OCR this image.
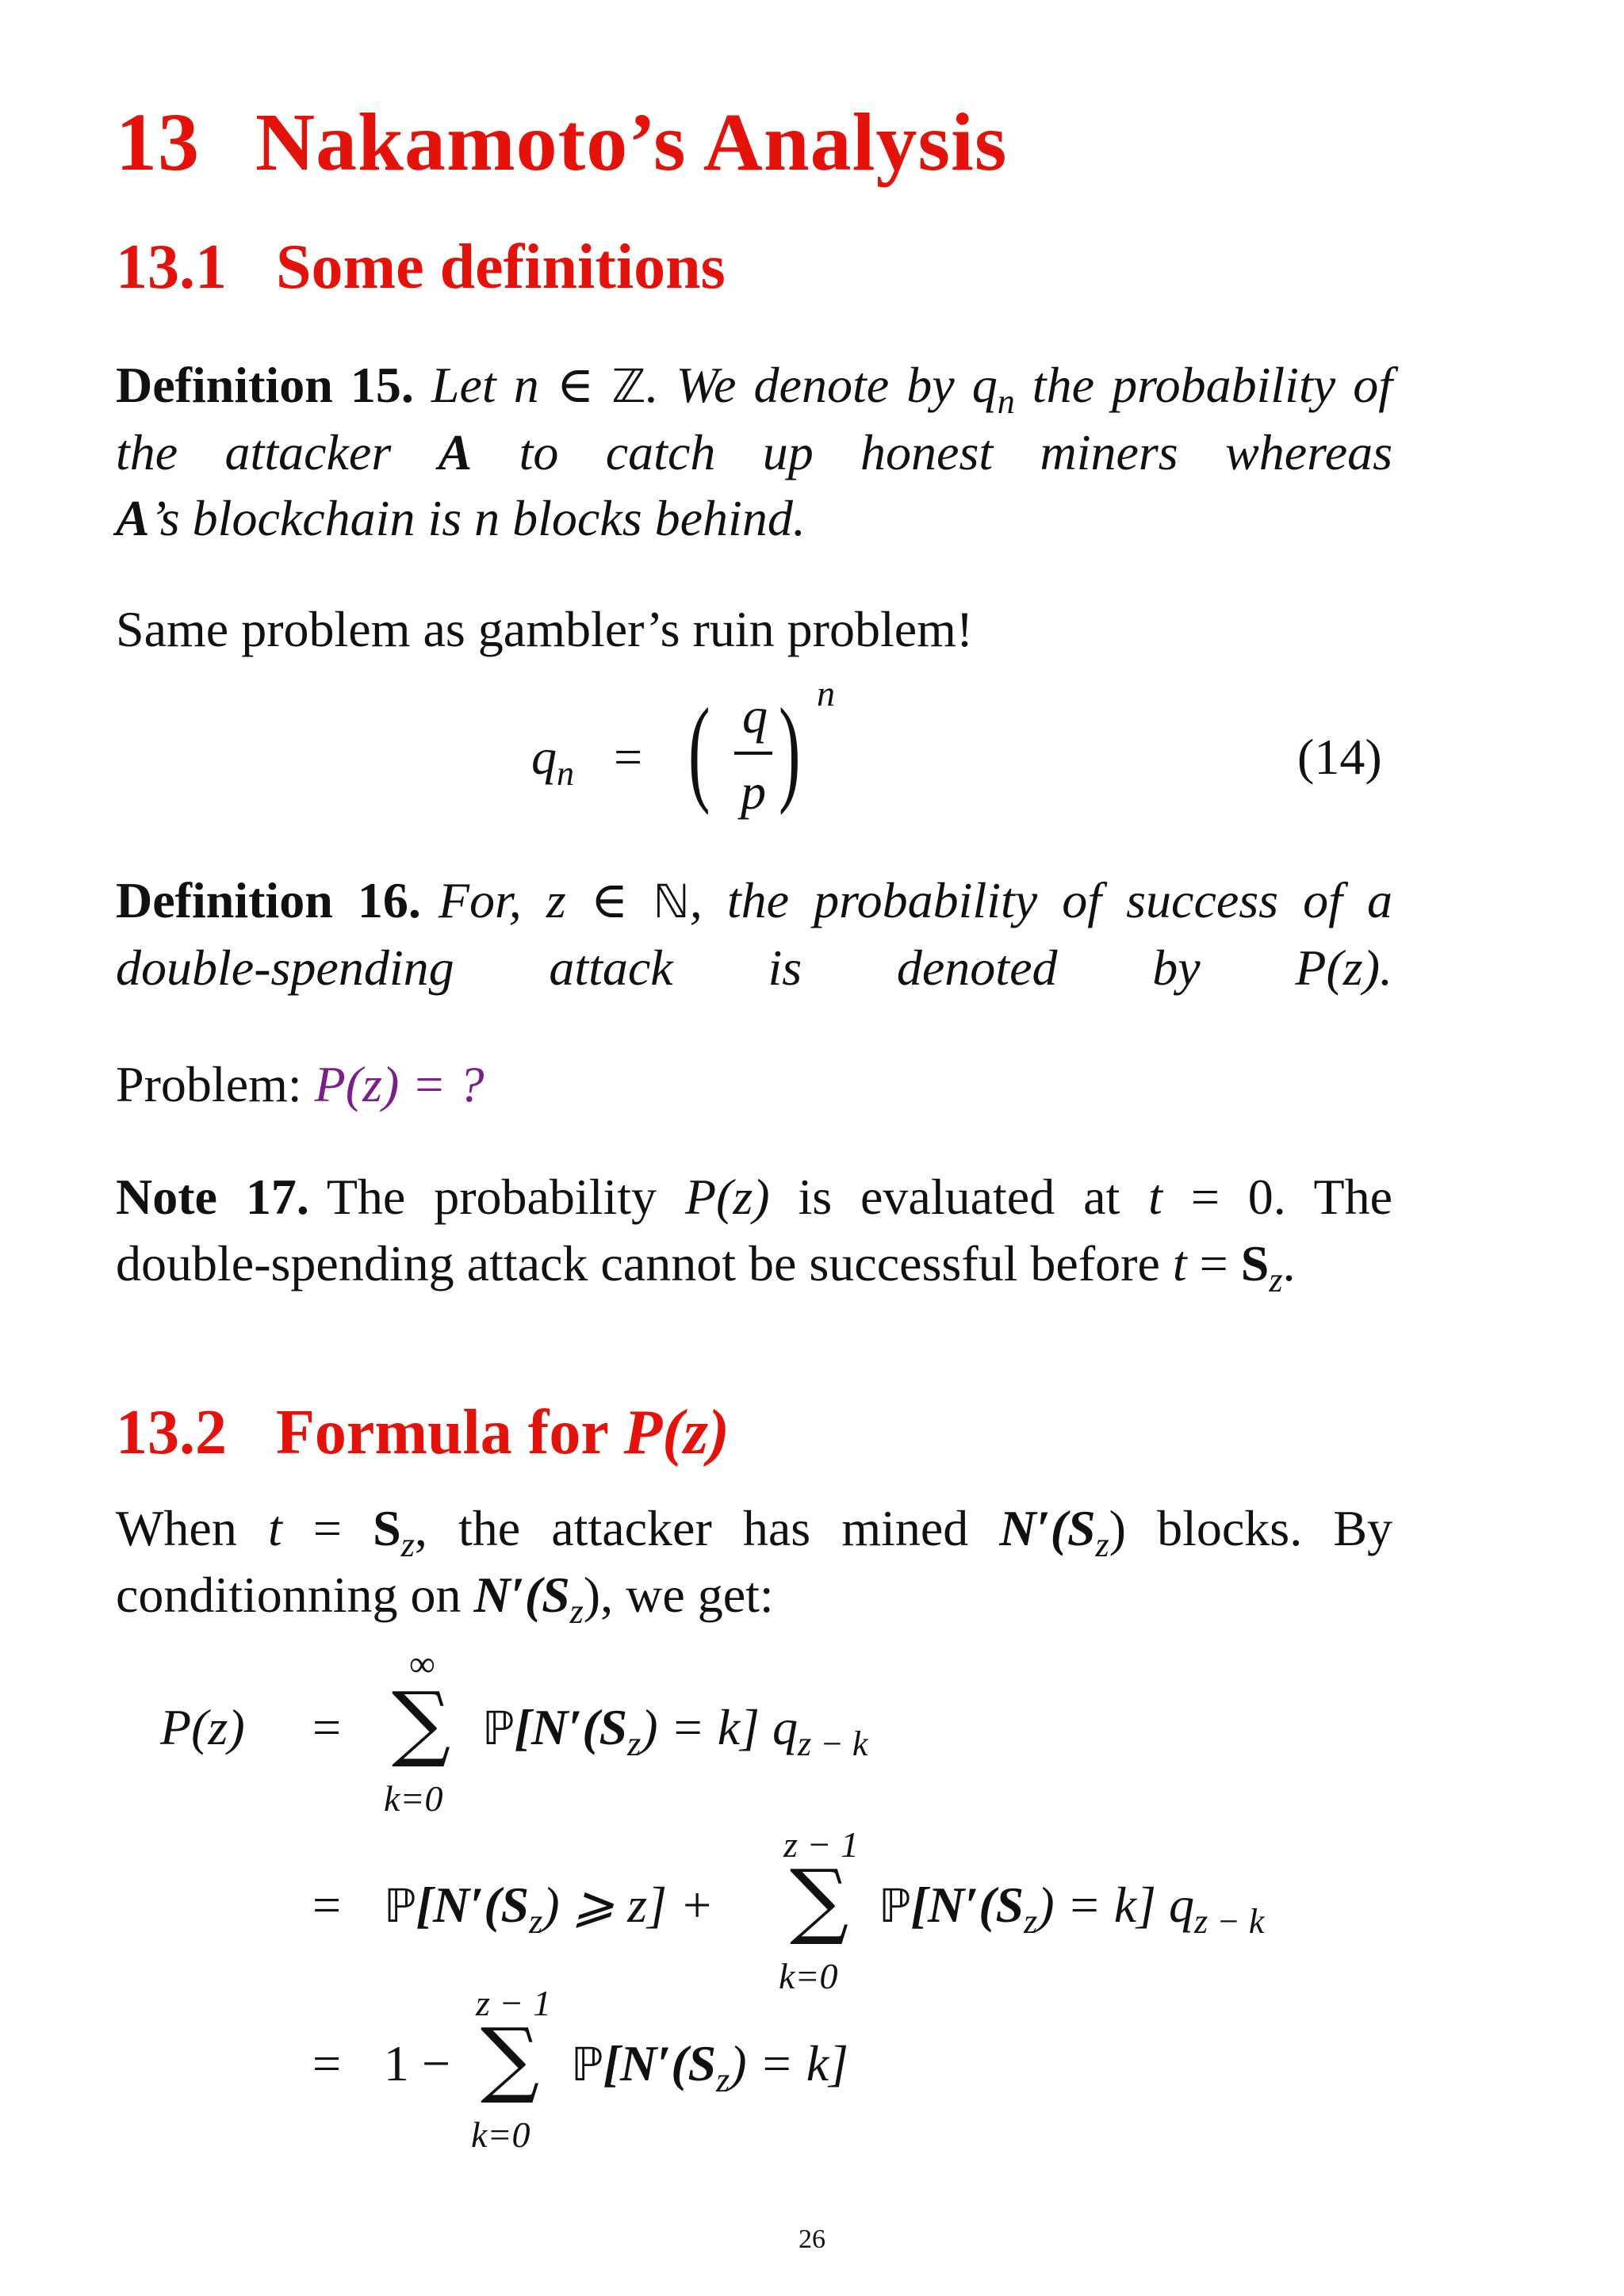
13 Nakamoto’s Analysis
13.1 Some definitions
Definition 15. Let n ∈ ℤ. We denote by $q_n$ the probability of the attacker A to catch up honest miners whereas
A’s blockchain is n blocks behind.
Same problem as gambler’s ruin problem!
$q_n$ = ( q
p ) n
(14)
Definition 16. For, z ∈ ℕ, the probability of success of a double-spending attack is denoted by P(z).
Problem: P(z) = ?
Note 17. The probability P(z) is evaluated at t = 0. The double-spending attack cannot be successful before $t = S_z$.
13.2 Formula for P(z)
When $t = S_z$, the attacker has mined $N'(S_z)$ blocks. By conditionning on $N'(S_z)$, we get:
P(z) =
∞
∑
k=0
$ℙ[N'(S_z) = k]$ $q_{z - k}$
= $ℙ[N'(S_z)$ ⩾ z] +
z − 1
∑
k=0
$ℙ[N'(S_z) = k]$ $q_{z - k}$
= 1 −
z − 1
∑
k=0
$ℙ[N'(S_z) = k]$
26
